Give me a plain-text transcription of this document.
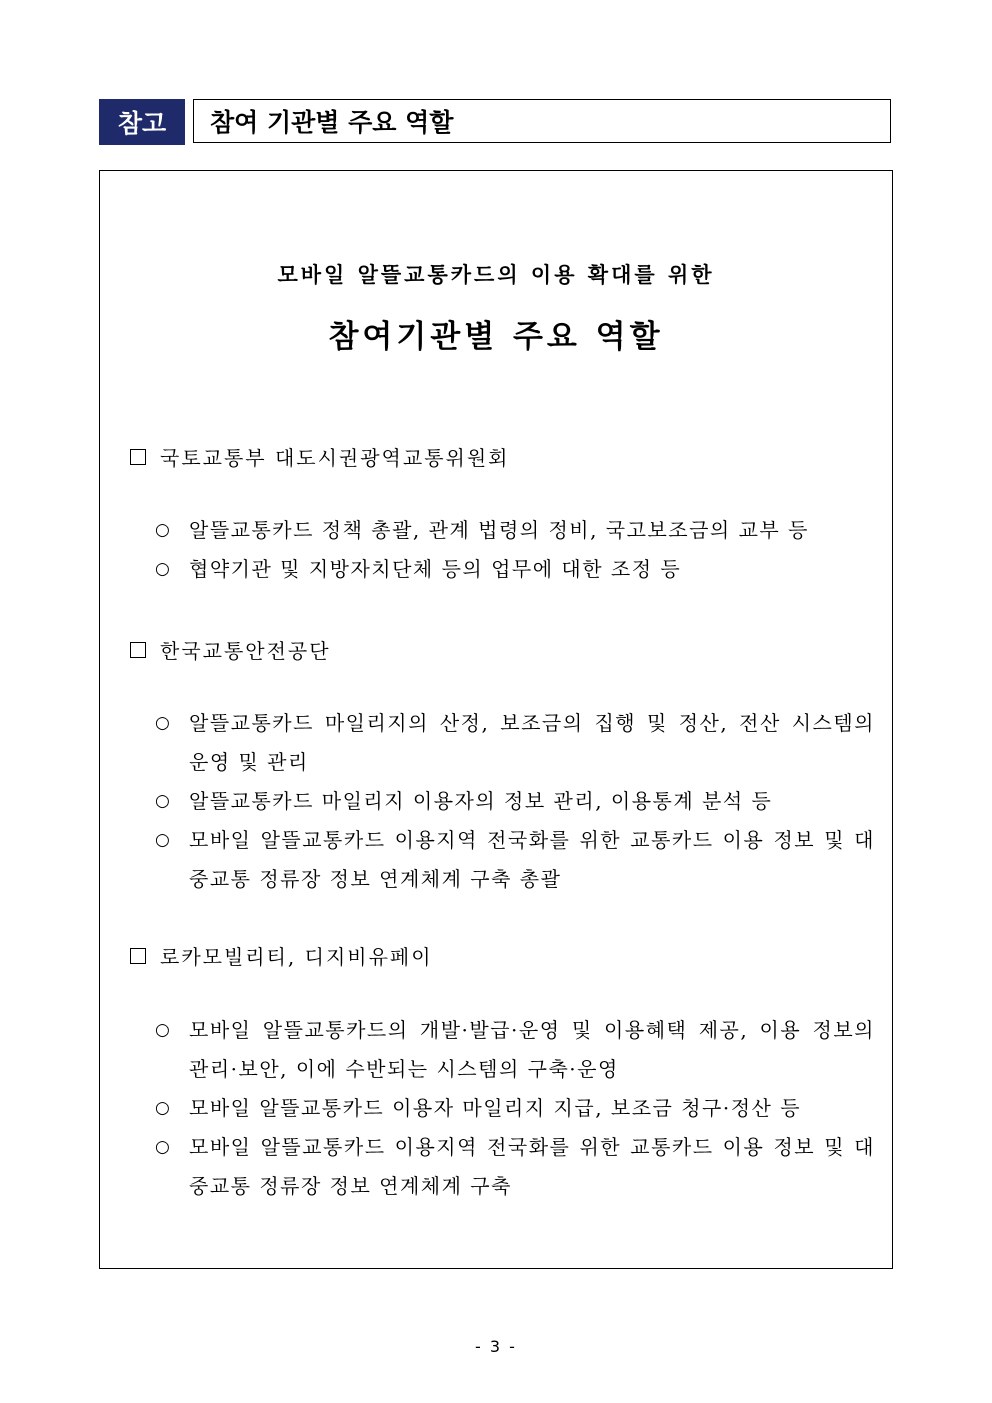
참고	참여 기관별 주요 역할
모바일 알뜰교통카드의 이용 확대를 위한
참여기관별 주요 역할
국토교통부 대도시권광역교통위원회
○ 알뜰교통카드 정책 총괄, 관계 법령의 정비, 국고보조금의 교부 등
○ 협약기관 및 지방자치단체 등의 업무에 대한 조정 등
한국교통안전공단
○ 알뜰교통카드 마일리지의 산정, 보조금의 집행 및 정산, 전산 시스템의 운영 및 관리
○ 알뜰교통카드 마일리지 이용자의 정보 관리, 이용통계 분석 등
○ 모바일 알뜰교통카드 이용지역 전국화를 위한 교통카드 이용 정보 및 대중교통 정류장 정보 연계체계 구축 총괄
로카모빌리티, 디지비유페이
○ 모바일 알뜰교통카드의 개발·발급·운영 및 이용혜택 제공, 이용 정보의 관리·보안, 이에 수반되는 시스템의 구축·운영
○ 모바일 알뜰교통카드 이용자 마일리지 지급, 보조금 청구·정산 등
○ 모바일 알뜰교통카드 이용지역 전국화를 위한 교통카드 이용 정보 및 대중교통 정류장 정보 연계체계 구축
- 3 -
